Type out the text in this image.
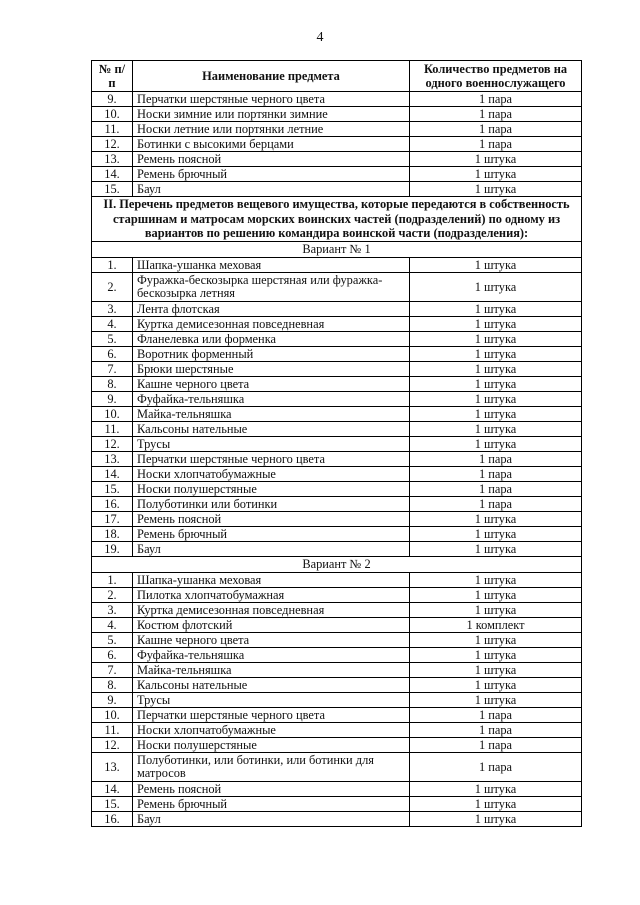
4
№ п/п	Наименование предмета	Количество предметов на одного военнослужащего
9.	Перчатки шерстяные черного цвета	1 пара
10.	Носки зимние или портянки зимние	1 пара
11.	Носки летние или портянки летние	1 пара
12.	Ботинки с высокими берцами	1 пара
13.	Ремень поясной	1 штука
14.	Ремень брючный	1 штука
15.	Баул	1 штука
II. Перечень предметов вещевого имущества, которые передаются в собственность старшинам и матросам морских воинских частей (подразделений) по одному из вариантов по решению командира воинской части (подразделения):		
Вариант № 1		
1.	Шапка-ушанка меховая	1 штука
2.	Фуражка-бескозырка шерстяная или фуражка-бескозырка летняя	1 штука
3.	Лента флотская	1 штука
4.	Куртка демисезонная повседневная	1 штука
5.	Фланелевка или форменка	1 штука
6.	Воротник форменный	1 штука
7.	Брюки шерстяные	1 штука
8.	Кашне черного цвета	1 штука
9.	Фуфайка-тельняшка	1 штука
10.	Майка-тельняшка	1 штука
11.	Кальсоны нательные	1 штука
12.	Трусы	1 штука
13.	Перчатки шерстяные черного цвета	1 пара
14.	Носки хлопчатобумажные	1 пара
15.	Носки полушерстяные	1 пара
16.	Полуботинки или ботинки	1 пара
17.	Ремень поясной	1 штука
18.	Ремень брючный	1 штука
19.	Баул	1 штука
Вариант № 2		
1.	Шапка-ушанка меховая	1 штука
2.	Пилотка хлопчатобумажная	1 штука
3.	Куртка демисезонная повседневная	1 штука
4.	Костюм флотский	1 комплект
5.	Кашне черного цвета	1 штука
6.	Фуфайка-тельняшка	1 штука
7.	Майка-тельняшка	1 штука
8.	Кальсоны нательные	1 штука
9.	Трусы	1 штука
10.	Перчатки шерстяные черного цвета	1 пара
11.	Носки хлопчатобумажные	1 пара
12.	Носки полушерстяные	1 пара
13.	Полуботинки, или ботинки, или ботинки для матросов	1 пара
14.	Ремень поясной	1 штука
15.	Ремень брючный	1 штука
16.	Баул	1 штука
